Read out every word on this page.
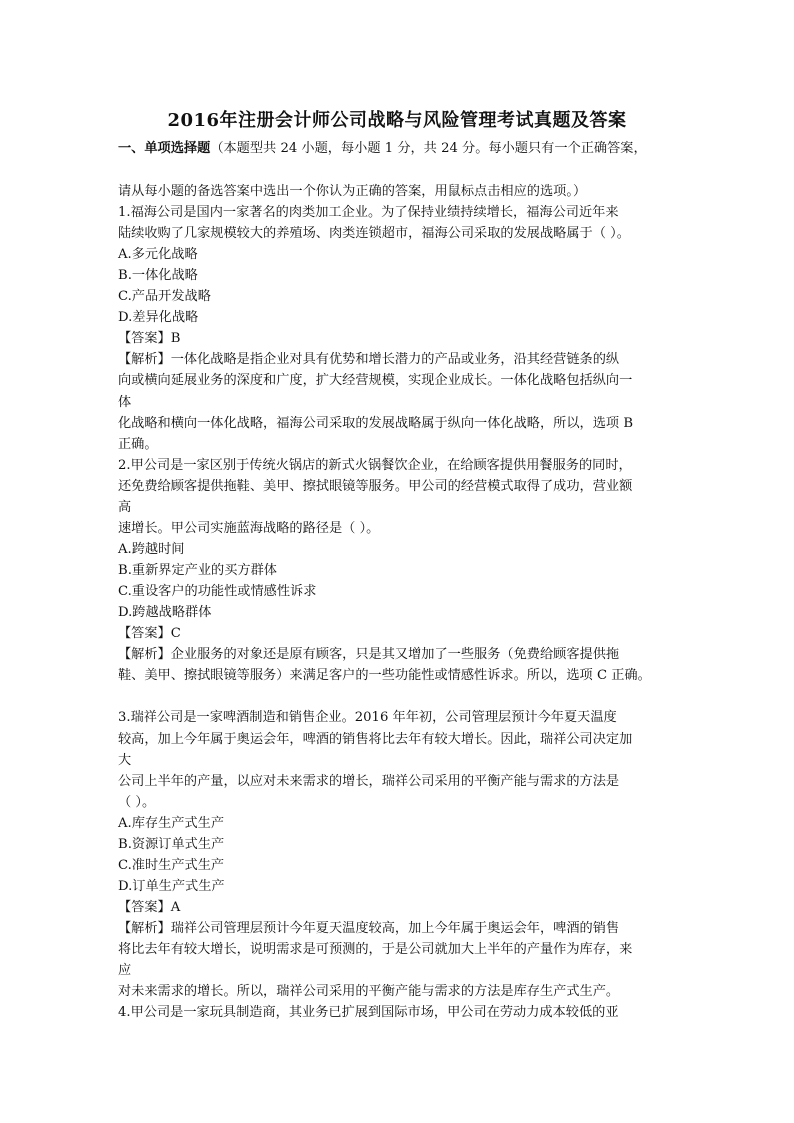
2016年注册会计师公司战略与风险管理考试真题及答案
一、单项选择题（本题型共 24 小题，每小题 1 分，共 24 分。每小题只有一个正确答案，
请从每小题的备选答案中选出一个你认为正确的答案，用鼠标点击相应的选项。）
1.福海公司是国内一家著名的肉类加工企业。为了保持业绩持续增长，福海公司近年来
陆续收购了几家规模较大的养殖场、肉类连锁超市，福海公司采取的发展战略属于（ ）。
A.多元化战略
B.一体化战略
C.产品开发战略
D.差异化战略
【答案】B
【解析】一体化战略是指企业对具有优势和增长潜力的产品或业务，沿其经营链条的纵
向或横向延展业务的深度和广度，扩大经营规模，实现企业成长。一体化战略包括纵向一
体
化战略和横向一体化战略，福海公司采取的发展战略属于纵向一体化战略，所以，选项 B
正确。
2.甲公司是一家区别于传统火锅店的新式火锅餐饮企业，在给顾客提供用餐服务的同时，
还免费给顾客提供拖鞋、美甲、擦拭眼镜等服务。甲公司的经营模式取得了成功，营业额
高
速增长。甲公司实施蓝海战略的路径是（ ）。
A.跨越时间
B.重新界定产业的买方群体
C.重设客户的功能性或情感性诉求
D.跨越战略群体
【答案】C
【解析】企业服务的对象还是原有顾客，只是其又增加了一些服务（免费给顾客提供拖
鞋、美甲、擦拭眼镜等服务）来满足客户的一些功能性或情感性诉求。所以，选项 C 正确。
3.瑞祥公司是一家啤酒制造和销售企业。2016 年年初，公司管理层预计今年夏天温度
较高，加上今年属于奥运会年，啤酒的销售将比去年有较大增长。因此，瑞祥公司决定加
大
公司上半年的产量，以应对未来需求的增长，瑞祥公司采用的平衡产能与需求的方法是
（ ）。
A.库存生产式生产
B.资源订单式生产
C.准时生产式生产
D.订单生产式生产
【答案】A
【解析】瑞祥公司管理层预计今年夏天温度较高，加上今年属于奥运会年，啤酒的销售
将比去年有较大增长，说明需求是可预测的，于是公司就加大上半年的产量作为库存，来
应
对未来需求的增长。所以，瑞祥公司采用的平衡产能与需求的方法是库存生产式生产。
4.甲公司是一家玩具制造商，其业务已扩展到国际市场，甲公司在劳动力成本较低的亚
